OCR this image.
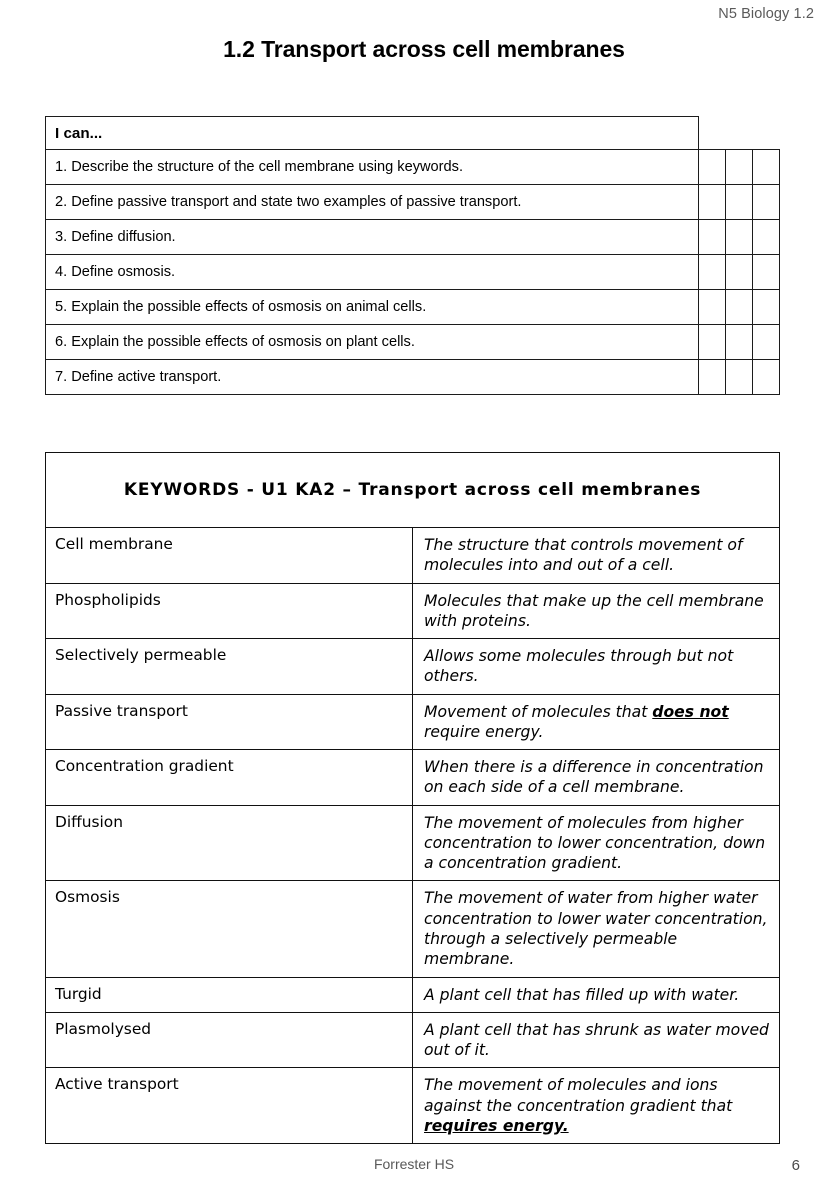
N5 Biology 1.2
1.2 Transport across cell membranes
I can...			
1. Describe the structure of the cell membrane using keywords.			
2. Define passive transport and state two examples of passive transport.			
3. Define diffusion.			
4. Define osmosis.			
5. Explain the possible effects of osmosis on animal cells.			
6. Explain the possible effects of osmosis on plant cells.			
7. Define active transport.			
KEYWORDS - U1 KA2 – Transport across cell membranes	
Cell membrane	The structure that controls movement of molecules into and out of a cell.
Phospholipids	Molecules that make up the cell membrane with proteins.
Selectively permeable	Allows some molecules through but not others.
Passive transport	Movement of molecules that does not require energy.
Concentration gradient	When there is a difference in concentration on each side of a cell membrane.
Diffusion	The movement of molecules from higher concentration to lower concentration, down a concentration gradient.
Osmosis	The movement of water from higher water concentration to lower water concentration, through a selectively permeable membrane.
Turgid	A plant cell that has filled up with water.
Plasmolysed	A plant cell that has shrunk as water moved out of it.
Active transport	The movement of molecules and ions against the concentration gradient that requires energy.
Forrester HS	6
